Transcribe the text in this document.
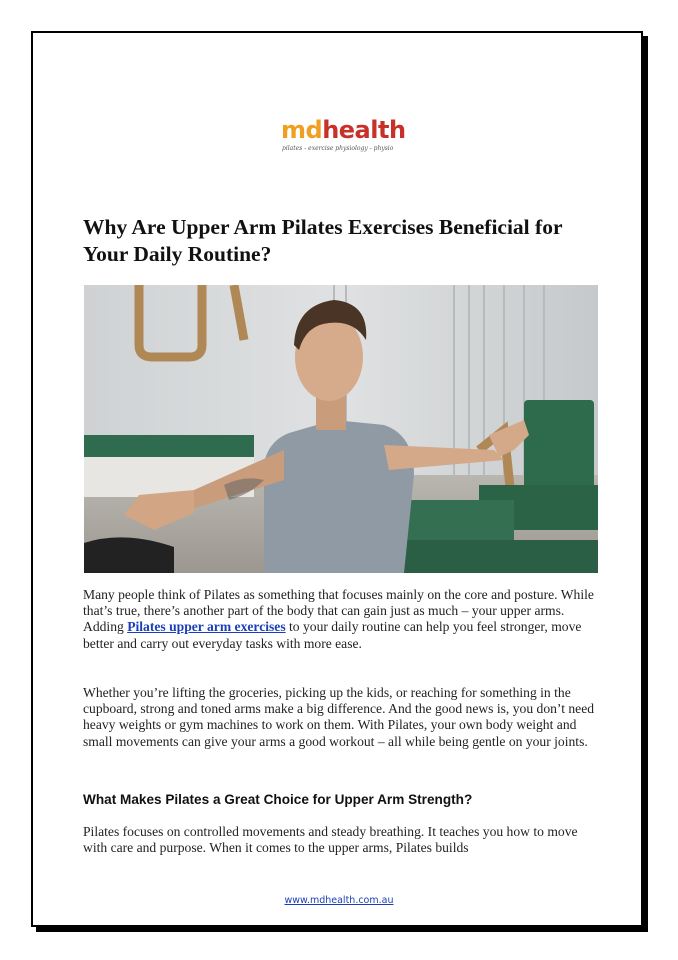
mdhealth
pilates - exercise physiology - physio
Why Are Upper Arm Pilates Exercises Beneficial for Your Daily Routine?

Many people think of Pilates as something that focuses mainly on the core and posture. While that’s true, there’s another part of the body that can gain just as much – your upper arms. Adding Pilates upper arm exercises to your daily routine can help you feel stronger, move better and carry out everyday tasks with more ease.

Whether you’re lifting the groceries, picking up the kids, or reaching for something in the cupboard, strong and toned arms make a big difference. And the good news is, you don’t need heavy weights or gym machines to work on them. With Pilates, your own body weight and small movements can give your arms a good workout – all while being gentle on your joints.

What Makes Pilates a Great Choice for Upper Arm Strength?

Pilates focuses on controlled movements and steady breathing. It teaches you how to move with care and purpose. When it comes to the upper arms, Pilates builds

www.mdhealth.com.au
